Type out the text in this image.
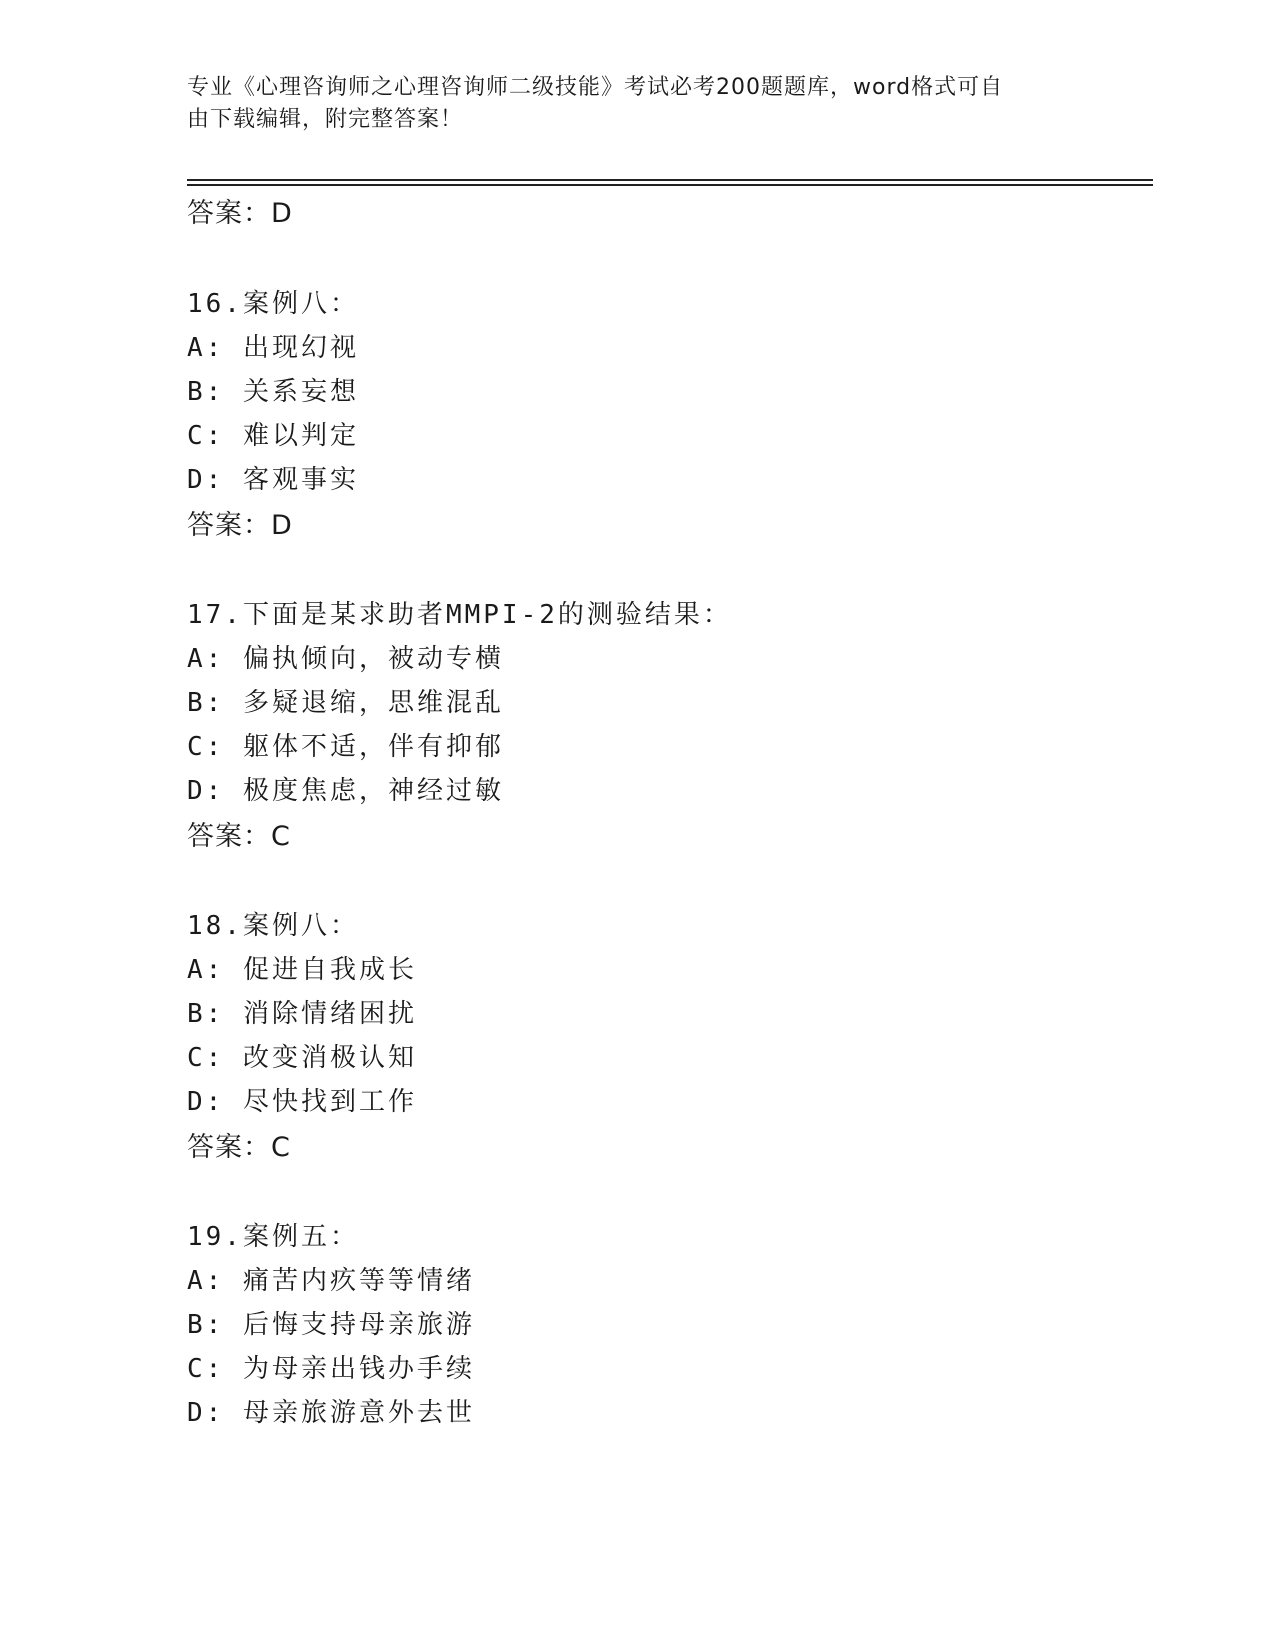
专业《心理咨询师之心理咨询师二级技能》考试必考200题题库，word格式可自
由下载编辑，附完整答案！
答案：D
16.案例八：
A: 出现幻视
B: 关系妄想
C: 难以判定
D: 客观事实
答案：D
17.下面是某求助者MMPI-2的测验结果：
A: 偏执倾向，被动专横
B: 多疑退缩，思维混乱
C: 躯体不适，伴有抑郁
D: 极度焦虑，神经过敏
答案：C
18.案例八：
A: 促进自我成长
B: 消除情绪困扰
C: 改变消极认知
D: 尽快找到工作
答案：C
19.案例五：
A: 痛苦内疚等等情绪
B: 后悔支持母亲旅游
C: 为母亲出钱办手续
D: 母亲旅游意外去世
